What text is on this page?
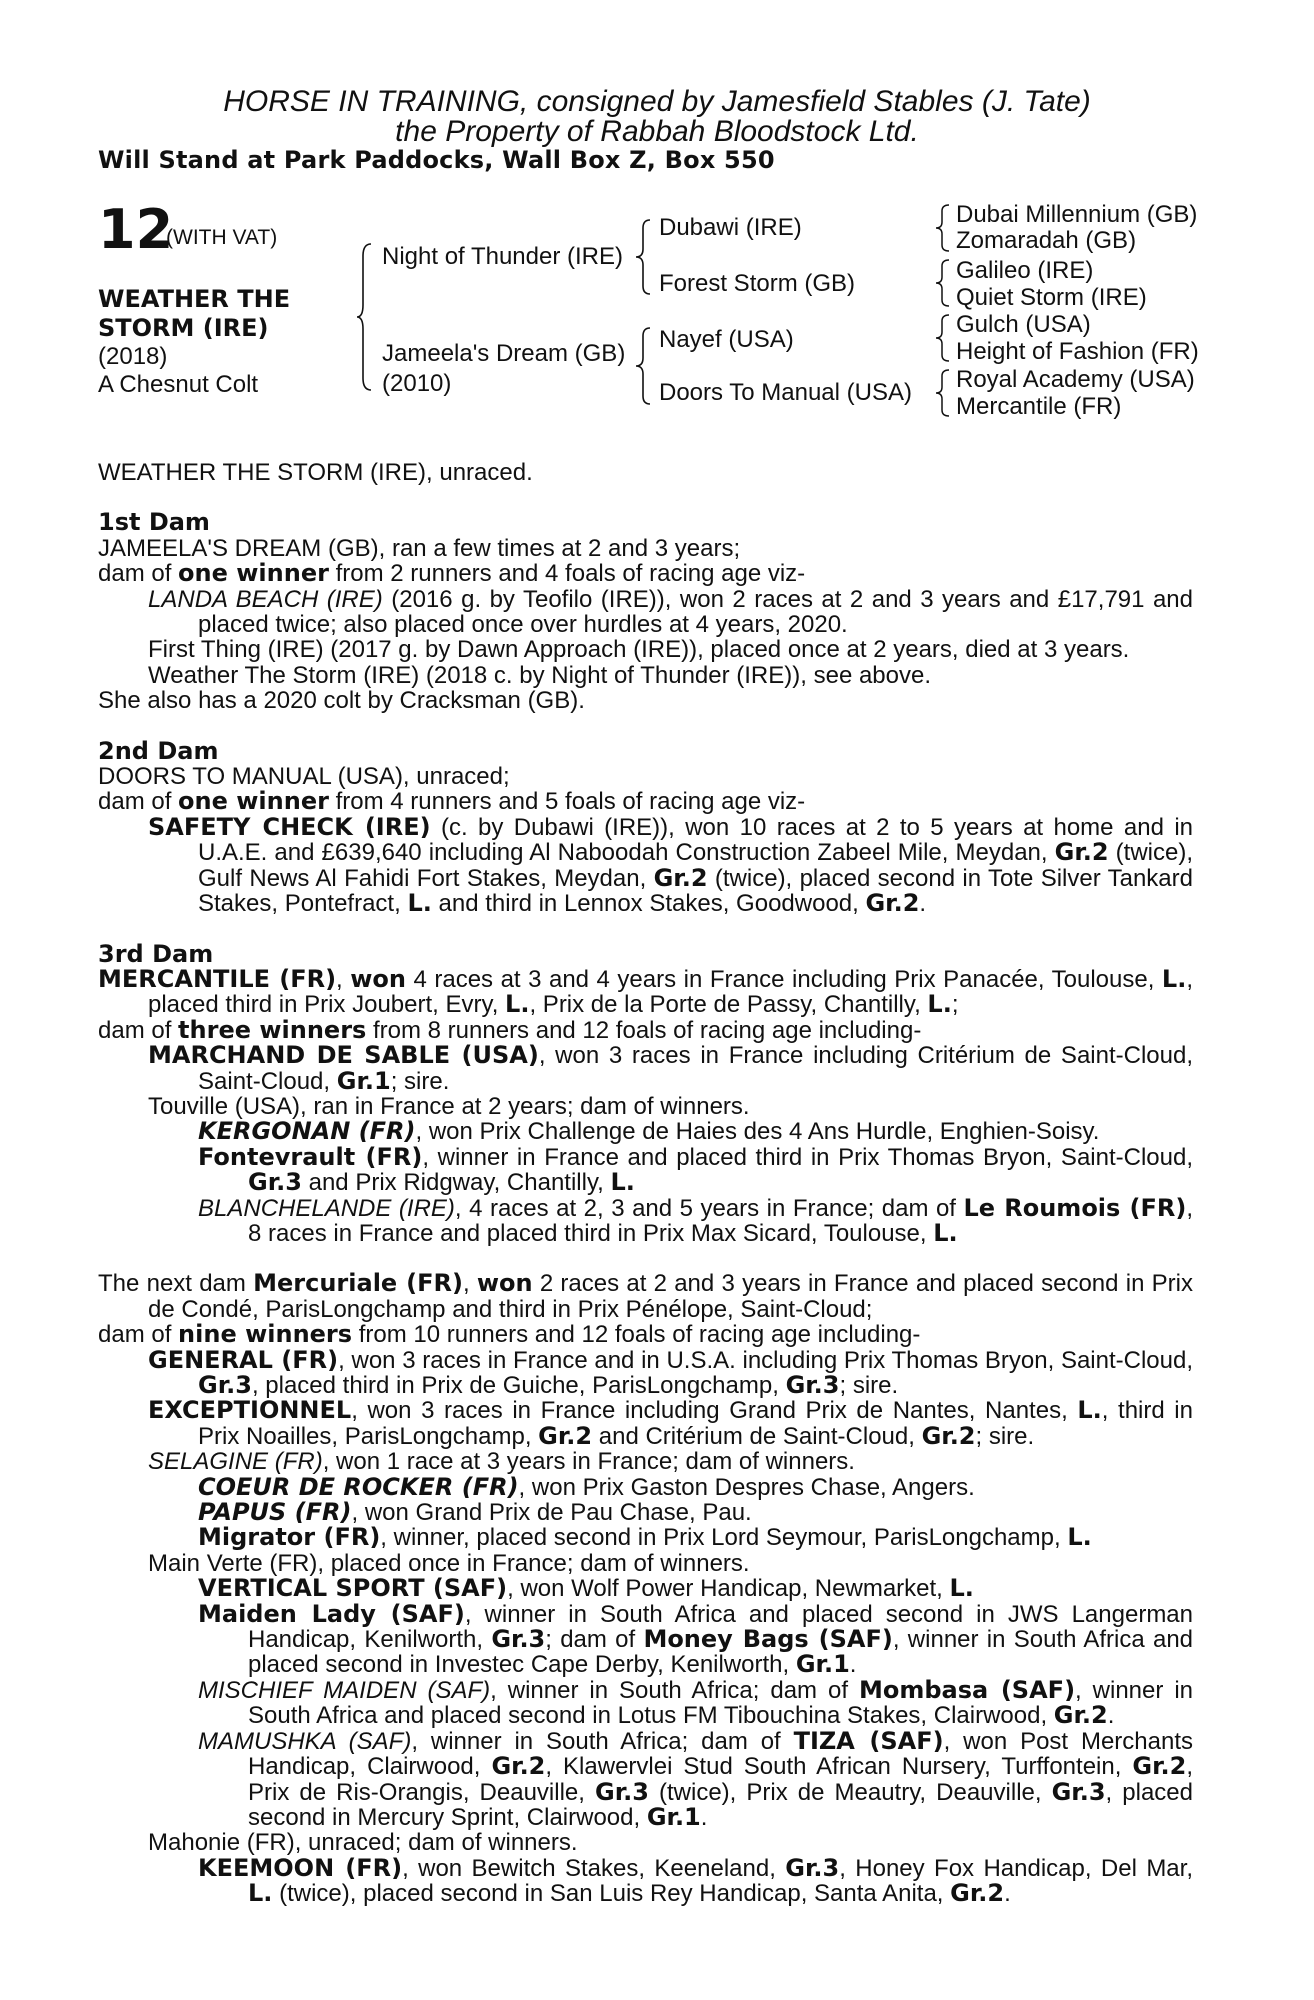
HORSE IN TRAINING, consigned by Jamesfield Stables (J. Tate)
the Property of Rabbah Bloodstock Ltd.
Will Stand at Park Paddocks, Wall Box Z, Box 550
12
(WITH VAT)
WEATHER THE
STORM (IRE)
(2018)
A Chesnut Colt
Night of Thunder (IRE)
Jameela's Dream (GB)
(2010)
Dubawi (IRE)
Forest Storm (GB)
Nayef (USA)
Doors To Manual (USA)
Dubai Millennium (GB)
Zomaradah (GB)
Galileo (IRE)
Quiet Storm (IRE)
Gulch (USA)
Height of Fashion (FR)
Royal Academy (USA)
Mercantile (FR)

WEATHER THE STORM (IRE), unraced.

1st Dam

JAMEELA'S DREAM (GB), ran a few times at 2 and 3 years;

dam of one winner from 2 runners and 4 foals of racing age viz-

LANDA BEACH (IRE) (2016 g. by Teofilo (IRE)), won 2 races at 2 and 3 years and £17,791 and placed twice; also placed once over hurdles at 4 years, 2020.

First Thing (IRE) (2017 g. by Dawn Approach (IRE)), placed once at 2 years, died at 3 years.

Weather The Storm (IRE) (2018 c. by Night of Thunder (IRE)), see above.

She also has a 2020 colt by Cracksman (GB).

2nd Dam

DOORS TO MANUAL (USA), unraced;

dam of one winner from 4 runners and 5 foals of racing age viz-

SAFETY CHECK (IRE) (c. by Dubawi (IRE)), won 10 races at 2 to 5 years at home and in U.A.E. and £639,640 including Al Naboodah Construction Zabeel Mile, Meydan, Gr.2 (twice), Gulf News Al Fahidi Fort Stakes, Meydan, Gr.2 (twice), placed second in Tote Silver Tankard Stakes, Pontefract, L. and third in Lennox Stakes, Goodwood, Gr.2.

3rd Dam

MERCANTILE (FR), won 4 races at 3 and 4 years in France including Prix Panacée, Toulouse, L., placed third in Prix Joubert, Evry, L., Prix de la Porte de Passy, Chantilly, L.;

dam of three winners from 8 runners and 12 foals of racing age including-

MARCHAND DE SABLE (USA), won 3 races in France including Critérium de Saint-Cloud, Saint-Cloud, Gr.1; sire.

Touville (USA), ran in France at 2 years; dam of winners.

KERGONAN (FR), won Prix Challenge de Haies des 4 Ans Hurdle, Enghien-Soisy.

Fontevrault (FR), winner in France and placed third in Prix Thomas Bryon, Saint-Cloud, Gr.3 and Prix Ridgway, Chantilly, L.

BLANCHELANDE (IRE), 4 races at 2, 3 and 5 years in France; dam of Le Roumois (FR), 8 races in France and placed third in Prix Max Sicard, Toulouse, L.

The next dam Mercuriale (FR), won 2 races at 2 and 3 years in France and placed second in Prix de Condé, ParisLongchamp and third in Prix Pénélope, Saint-Cloud;

dam of nine winners from 10 runners and 12 foals of racing age including-

GENERAL (FR), won 3 races in France and in U.S.A. including Prix Thomas Bryon, Saint-Cloud, Gr.3, placed third in Prix de Guiche, ParisLongchamp, Gr.3; sire.

EXCEPTIONNEL, won 3 races in France including Grand Prix de Nantes, Nantes, L., third in Prix Noailles, ParisLongchamp, Gr.2 and Critérium de Saint-Cloud, Gr.2; sire.

SELAGINE (FR), won 1 race at 3 years in France; dam of winners.

COEUR DE ROCKER (FR), won Prix Gaston Despres Chase, Angers.

PAPUS (FR), won Grand Prix de Pau Chase, Pau.

Migrator (FR), winner, placed second in Prix Lord Seymour, ParisLongchamp, L.

Main Verte (FR), placed once in France; dam of winners.

VERTICAL SPORT (SAF), won Wolf Power Handicap, Newmarket, L.

Maiden Lady (SAF), winner in South Africa and placed second in JWS Langerman Handicap, Kenilworth, Gr.3; dam of Money Bags (SAF), winner in South Africa and placed second in Investec Cape Derby, Kenilworth, Gr.1.

MISCHIEF MAIDEN (SAF), winner in South Africa; dam of Mombasa (SAF), winner in South Africa and placed second in Lotus FM Tibouchina Stakes, Clairwood, Gr.2.

MAMUSHKA (SAF), winner in South Africa; dam of TIZA (SAF), won Post Merchants Handicap, Clairwood, Gr.2, Klawervlei Stud South African Nursery, Turffontein, Gr.2, Prix de Ris-Orangis, Deauville, Gr.3 (twice), Prix de Meautry, Deauville, Gr.3, placed second in Mercury Sprint, Clairwood, Gr.1.

Mahonie (FR), unraced; dam of winners.

KEEMOON (FR), won Bewitch Stakes, Keeneland, Gr.3, Honey Fox Handicap, Del Mar, L. (twice), placed second in San Luis Rey Handicap, Santa Anita, Gr.2.
